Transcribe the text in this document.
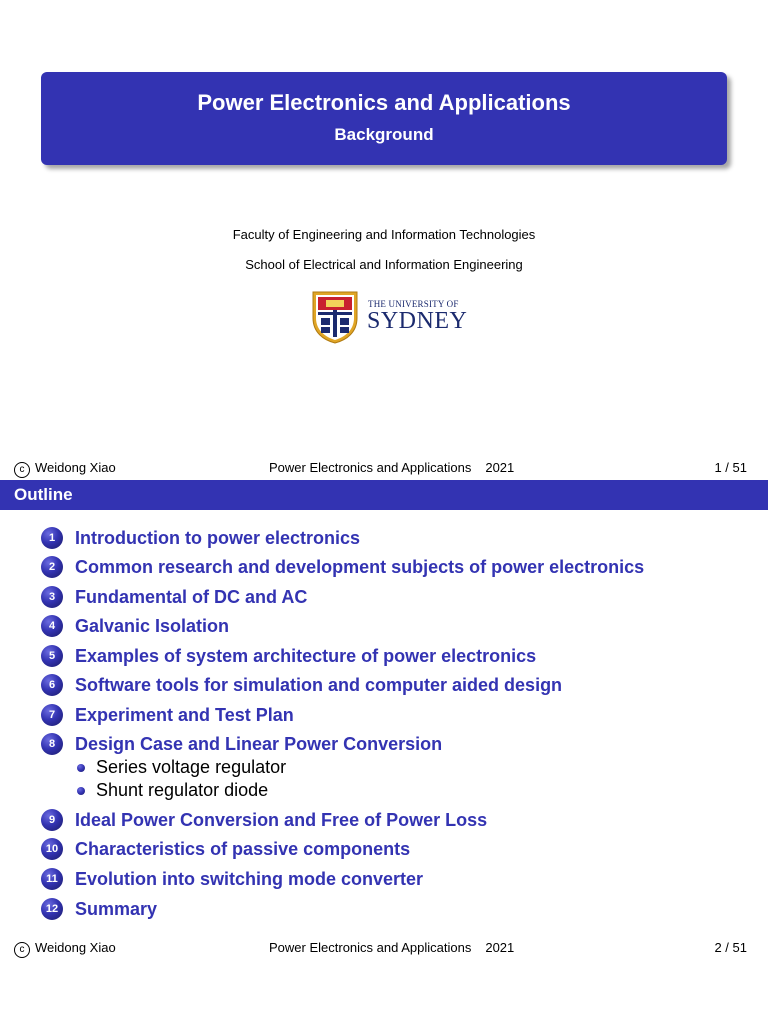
Power Electronics and Applications
Background
Faculty of Engineering and Information Technologies
School of Electrical and Information Engineering
THE UNIVERSITY OF
SYDNEY
c Weidong Xiao	Power Electronics and Applications 2021	1 / 51
Outline
1	Introduction to power electronics
2	Common research and development subjects of power electronics
3	Fundamental of DC and AC
4	Galvanic Isolation
5	Examples of system architecture of power electronics
6	Software tools for simulation and computer aided design
7	Experiment and Test Plan
8	Design Case and Linear Power Conversion
Series voltage regulator
Shunt regulator diode
9	Ideal Power Conversion and Free of Power Loss
10 Characteristics of passive components
11 Evolution into switching mode converter
12 Summary
c Weidong Xiao	Power Electronics and Applications 2021	2 / 51
